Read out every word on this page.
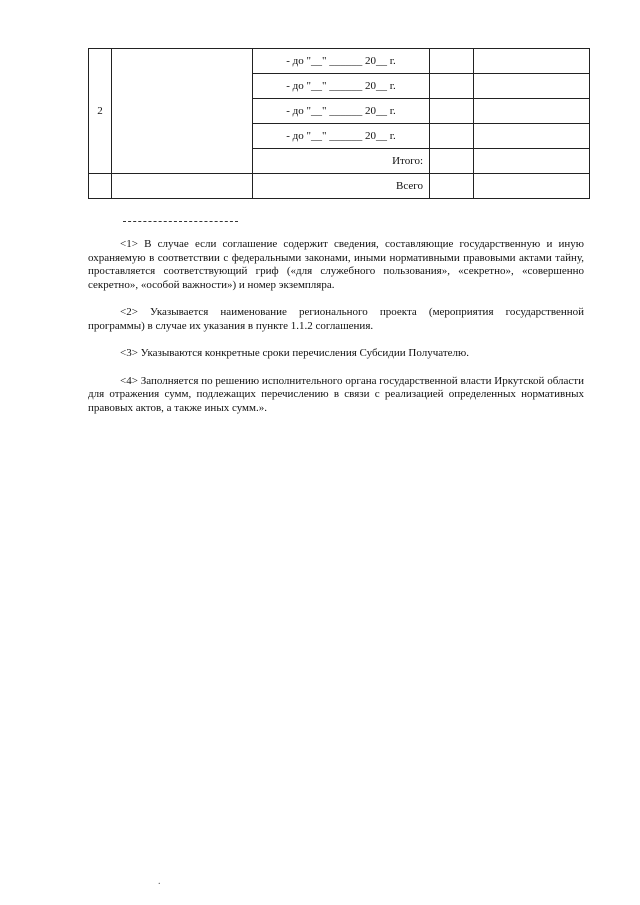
2		- до "__" ______ 20__ г.		
		- до "__" ______ 20__ г.		
		- до "__" ______ 20__ г.		
		- до "__" ______ 20__ г.		
		Итого:		
		Всего		

<1> В случае если соглашение содержит сведения, составляющие государственную и иную охраняемую в соответствии с федеральными законами, иными нормативными правовыми актами тайну, проставляется соответствующий гриф («для служебного пользования», «секретно», «совершенно секретно», «особой важности») и номер экземпляра.

<2> Указывается наименование регионального проекта (мероприятия государственной программы) в случае их указания в пункте 1.1.2 соглашения.

<3> Указываются конкретные сроки перечисления Субсидии Получателю.

<4> Заполняется по решению исполнительного органа государственной власти Иркутской области для отражения сумм, подлежащих перечислению в связи с реализацией определенных нормативных правовых актов, а также иных сумм.».

.
